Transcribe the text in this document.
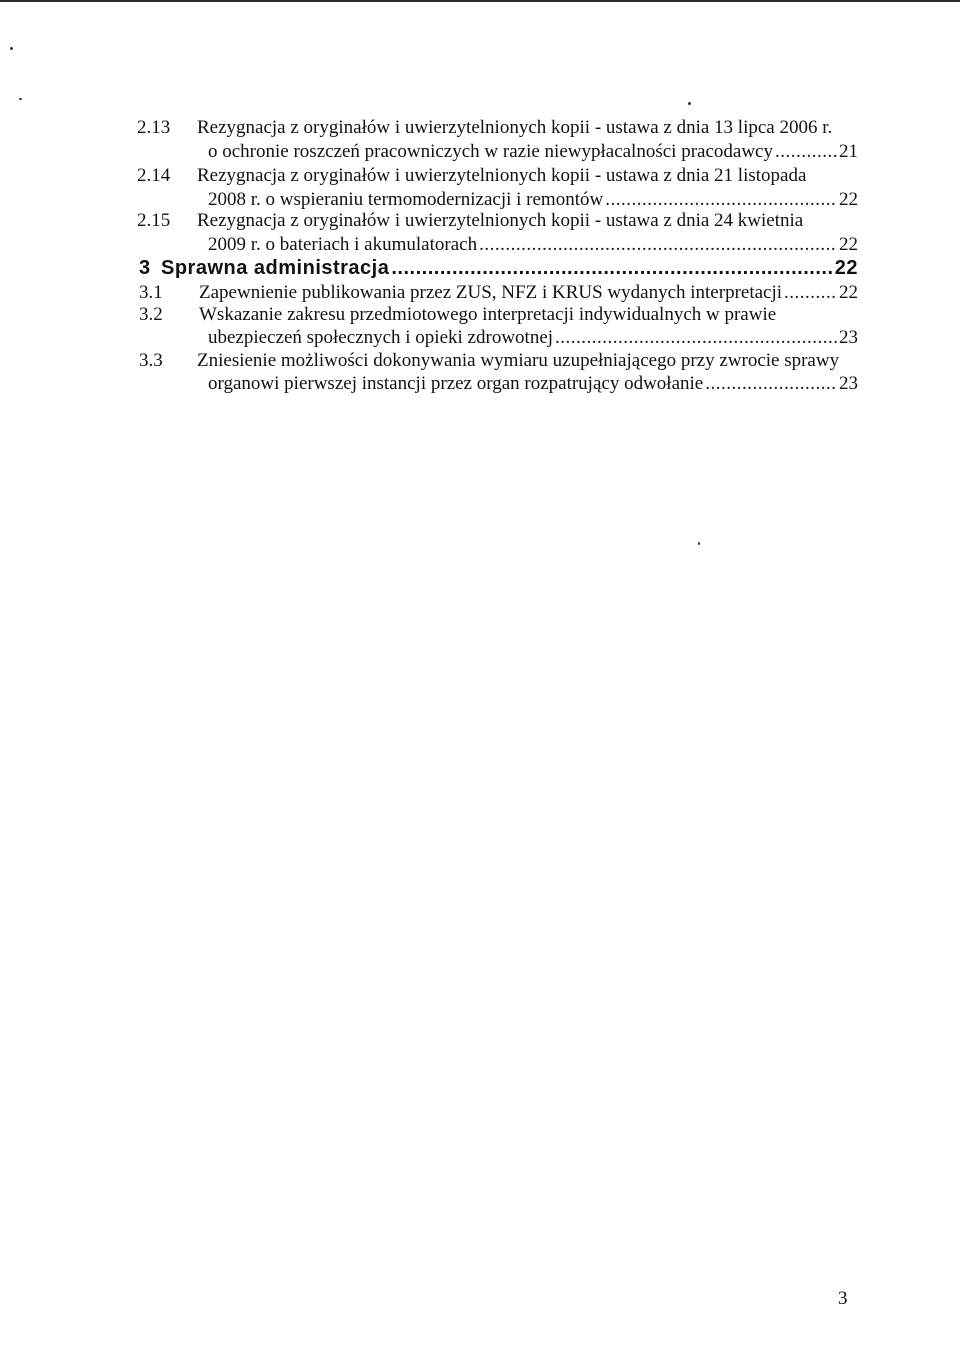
2.13 Rezygnacja z oryginałów i uwierzytelnionych kopii - ustawa z dnia 13 lipca 2006 r.
o ochronie roszczeń pracowniczych w razie niewypłacalności pracodawcy .....	21
2.14 Rezygnacja z oryginałów i uwierzytelnionych kopii - ustawa z dnia 21 listopada
2008 r. o wspieraniu termomodernizacji i remontów .....	22
2.15 Rezygnacja z oryginałów i uwierzytelnionych kopii - ustawa z dnia 24 kwietnia
2009 r. o bateriach i akumulatorach .....	22
3 Sprawna administracja .....	22
3.1 Zapewnienie publikowania przez ZUS, NFZ i KRUS wydanych interpretacji .....	22
3.2 Wskazanie zakresu przedmiotowego interpretacji indywidualnych w prawie
ubezpieczeń społecznych i opieki zdrowotnej .....	23
3.3 Zniesienie możliwości dokonywania wymiaru uzupełniającego przy zwrocie sprawy
organowi pierwszej instancji przez organ rozpatrujący odwołanie .....	23
3
